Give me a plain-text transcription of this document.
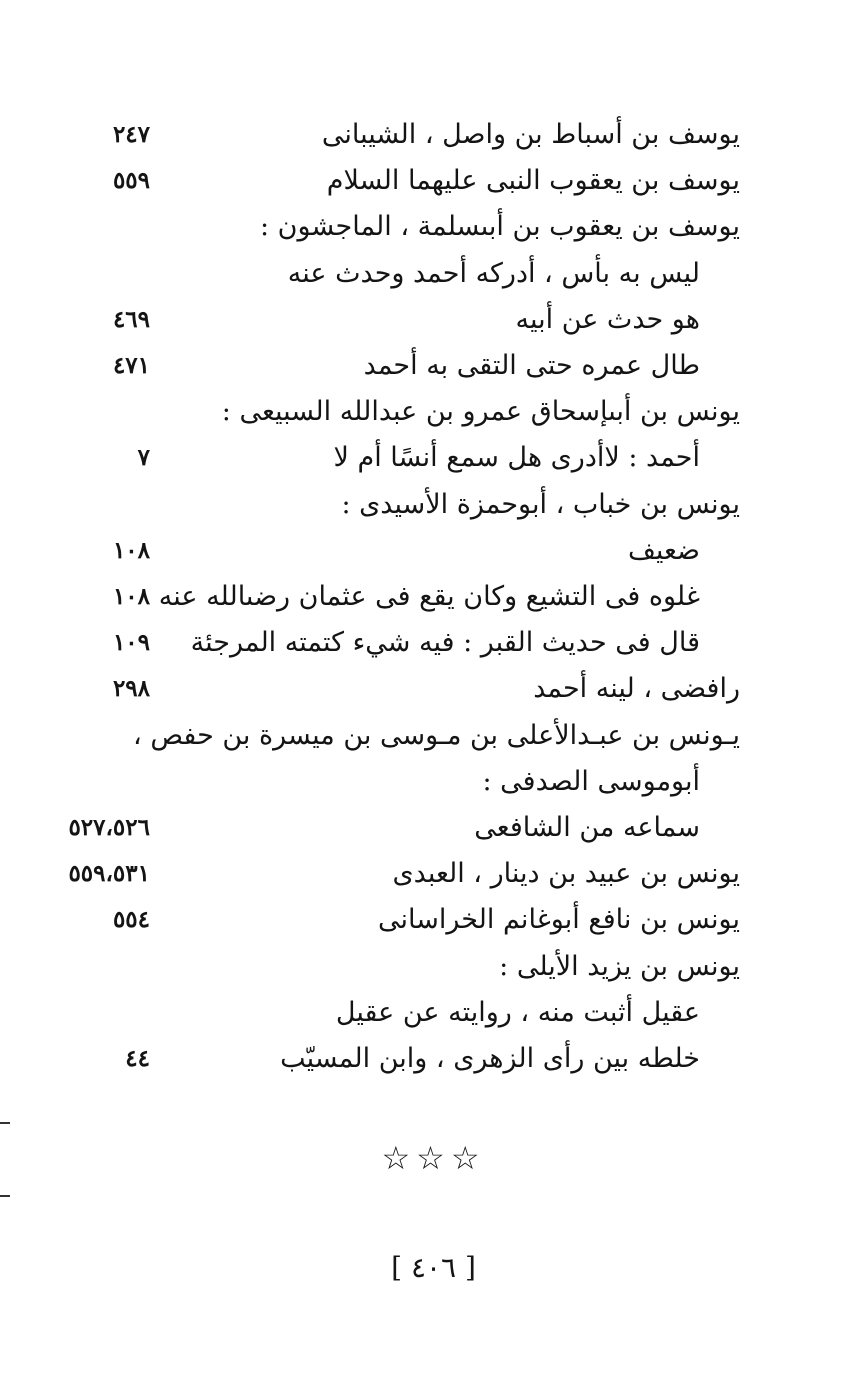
يوسف بن أسباط بن واصل ، الشيبانى
٢٤٧
يوسف بن يعقوب النبى عليهما السلام
٥٥٩
يوسف بن يعقوب بن أبىسلمة ، الماجشون :
ليس به بأس ، أدركه أحمد وحدث عنه
هو حدث عن أبيه
٤٦٩
طال عمره حتى التقى به أحمد
٤٧١
يونس بن أبىإسحاق عمرو بن عبدالله السبيعى :
أحمد : لاأدرى هل سمع أنسًا أم لا
٧
يونس بن خباب ، أبوحمزة الأسيدى :
ضعيف
١٠٨
غلوه فى التشيع وكان يقع فى عثمان رضىالله عنه
١٠٨
قال فى حديث القبر : فيه شيء كتمته المرجئة
١٠٩
رافضى ، لينه أحمد
٢٩٨
يـونس بن عبـدالأعلى بن مـوسى بن ميسرة بن حفص ،
أبوموسى الصدفى :
سماعه من الشافعى
٥٢٧،٥٢٦
يونس بن عبيد بن دينار ، العبدى
٥٥٩،٥٣١
يونس بن نافع أبوغانم الخراسانى
٥٥٤
يونس بن يزيد الأيلى :
عقيل أثبت منه ، روايته عن عقيل
خلطه بين رأى الزهرى ، وابن المسيّب
٤٤
☆☆☆
[ ٤٠٦ ]
